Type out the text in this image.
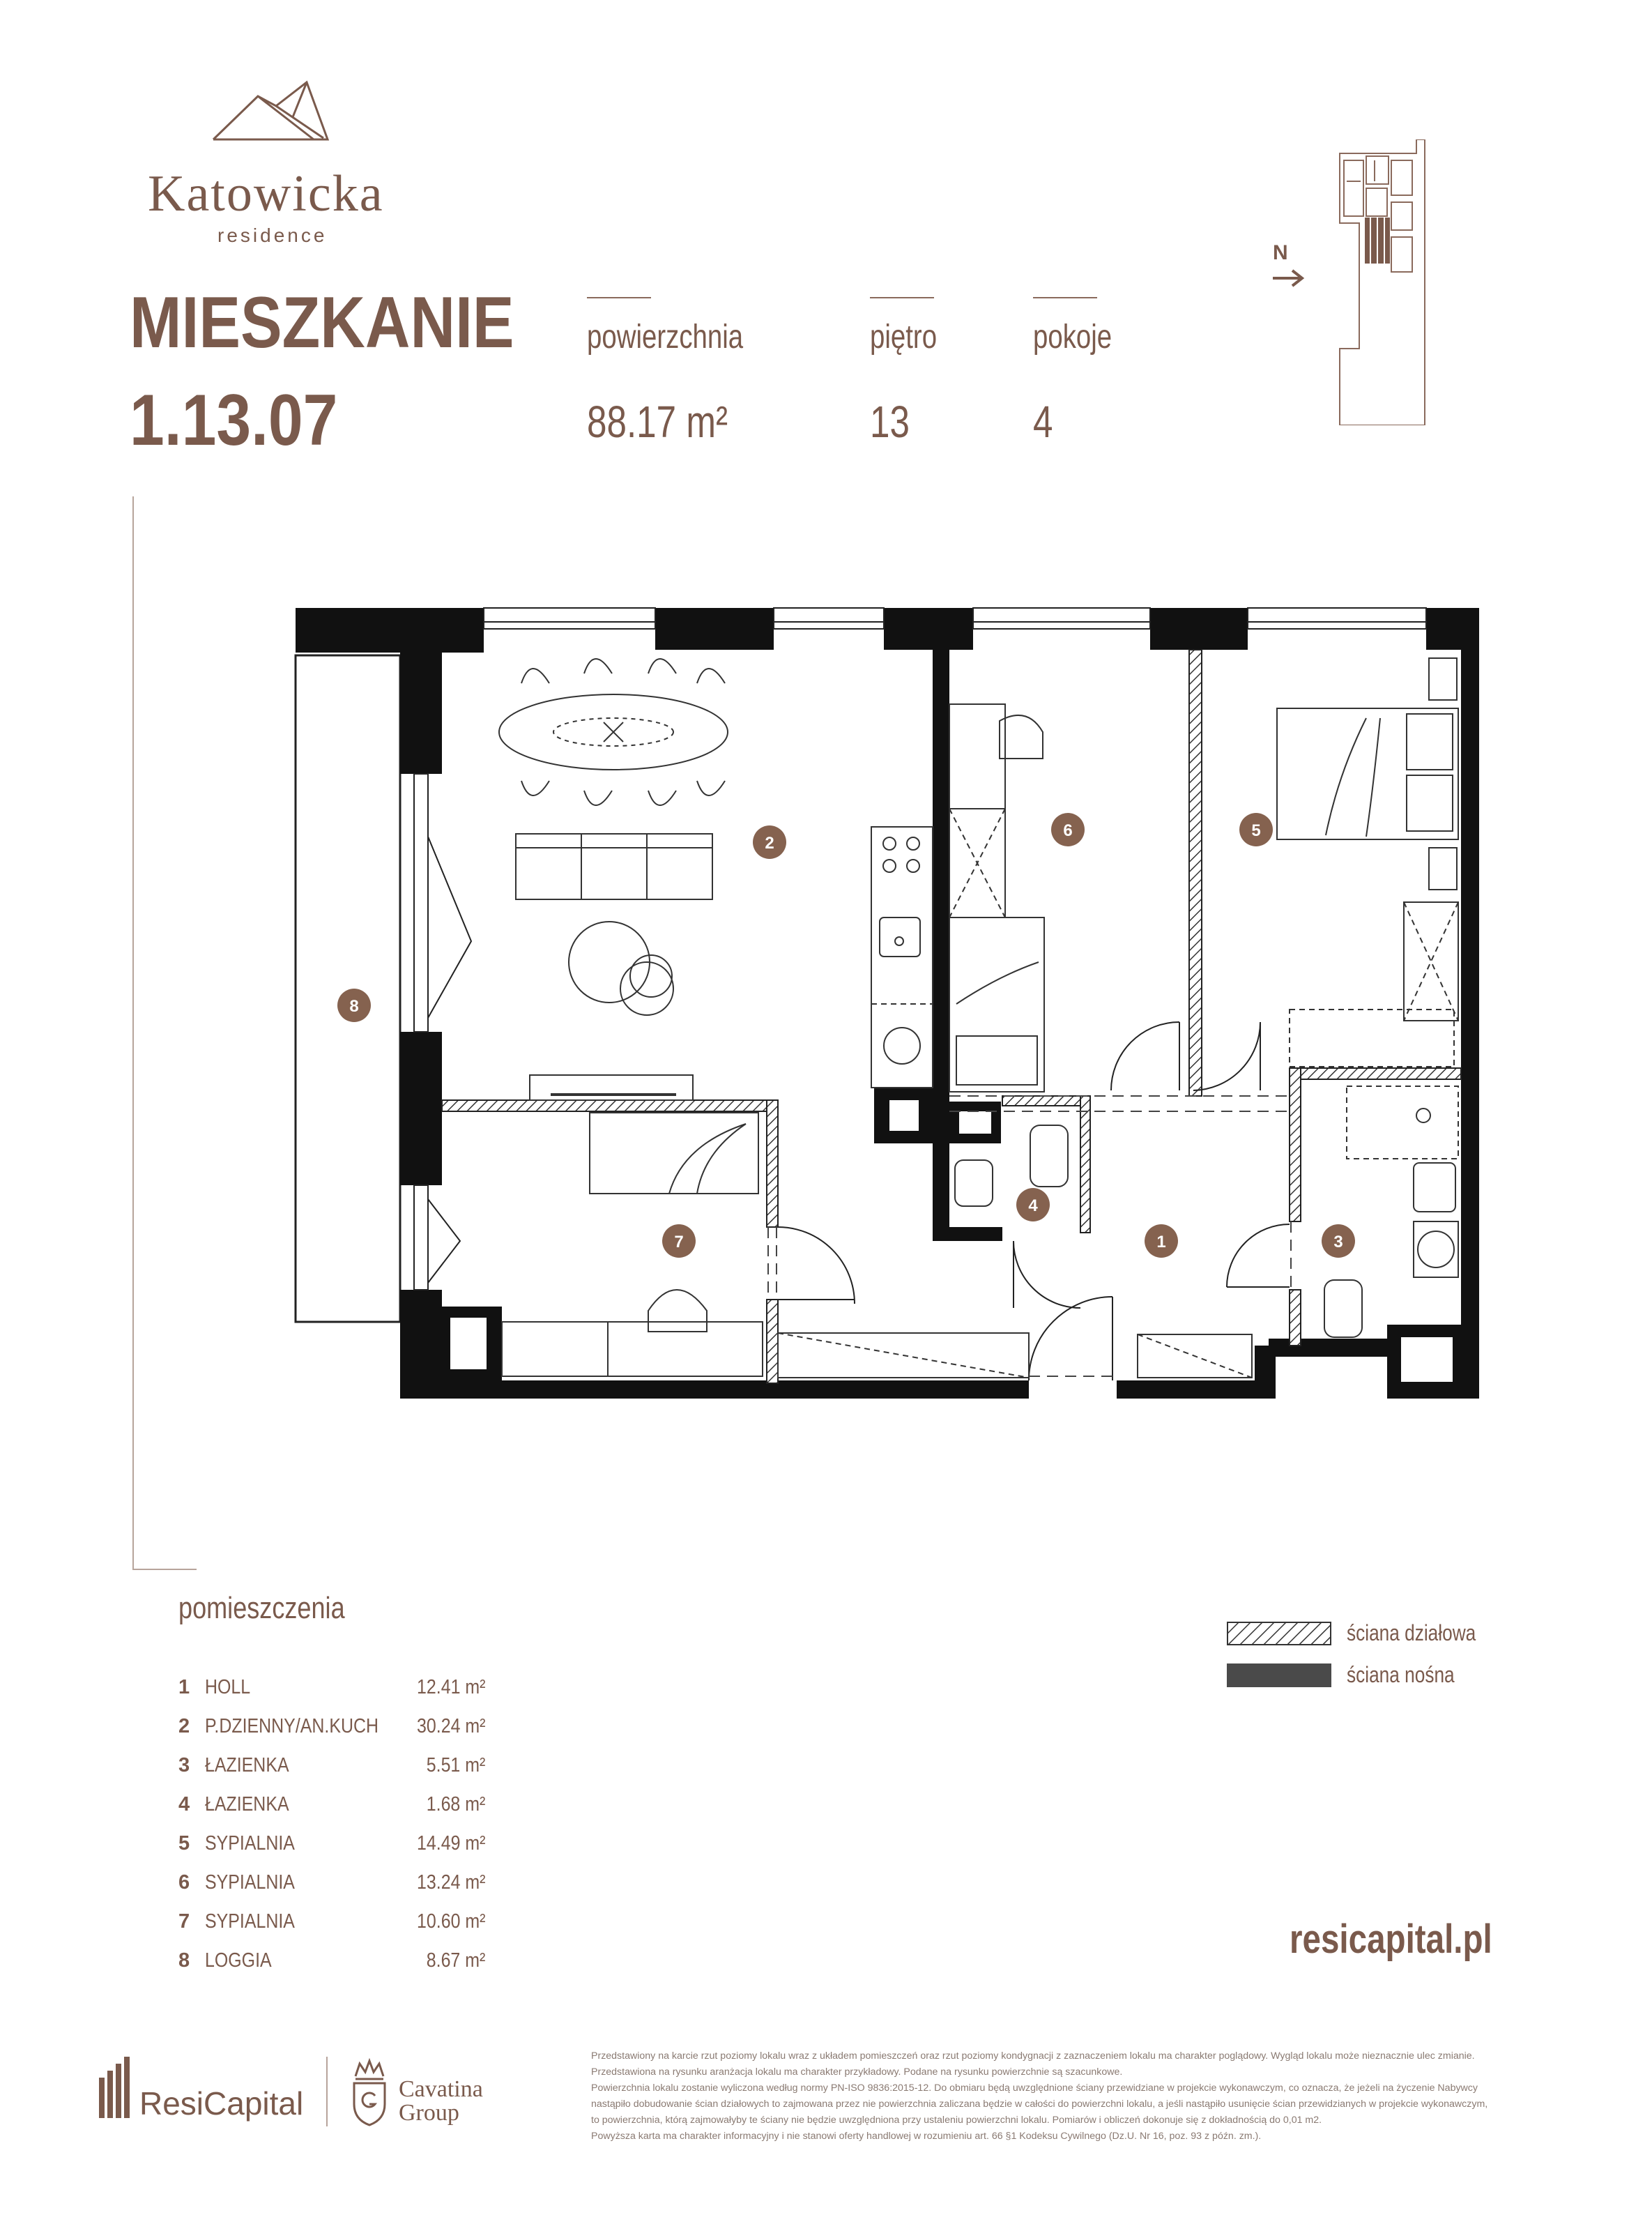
Katowicka
residence
MIESZKANIE
1.13.07
powierzchnia
88.17 m²
piętro
13
pokoje
4
N
1
2
3
4
5
6
7
8
pomieszczenia
1 HOLL	12.41 m²
2 P.DZIENNY/AN.KUCH 30.24 m²
3 ŁAZIENKA	5.51 m²
4 ŁAZIENKA	1.68 m²
5 SYPIALNIA	14.49 m²
6 SYPIALNIA	13.24 m²
7 SYPIALNIA	10.60 m²
8 LOGGIA	8.67 m²
ściana działowa
ściana nośna
resicapital.pl
ResiCapital	Cavatina
Group
Przedstawiony na karcie rzut poziomy lokalu wraz z układem pomieszczeń oraz rzut poziomy kondygnacji z zaznaczeniem lokalu ma charakter poglądowy. Wygląd lokalu może nieznacznie ulec zmianie.
Przedstawiona na rysunku aranżacja lokalu ma charakter przykładowy. Podane na rysunku powierzchnie są szacunkowe.
Powierzchnia lokalu zostanie wyliczona według normy PN-ISO 9836:2015-12. Do obmiaru będą uwzględnione ściany przewidziane w projekcie wykonawczym, co oznacza, że jeżeli na życzenie Nabywcy nastąpiło dobudowanie ścian działowych to zajmowana przez nie powierzchnia zaliczana będzie w całości do powierzchni lokalu, a jeśli nastąpiło usunięcie ścian przewidzianych w projekcie wykonawczym, to powierzchnia, którą zajmowałyby te ściany nie będzie uwzględniona przy ustaleniu powierzchni lokalu. Pomiarów i obliczeń dokonuje się z dokładnością do 0,01 m2.
Powyższa karta ma charakter informacyjny i nie stanowi oferty handlowej w rozumieniu art. 66 §1 Kodeksu Cywilnego (Dz.U. Nr 16, poz. 93 z późn. zm.).
